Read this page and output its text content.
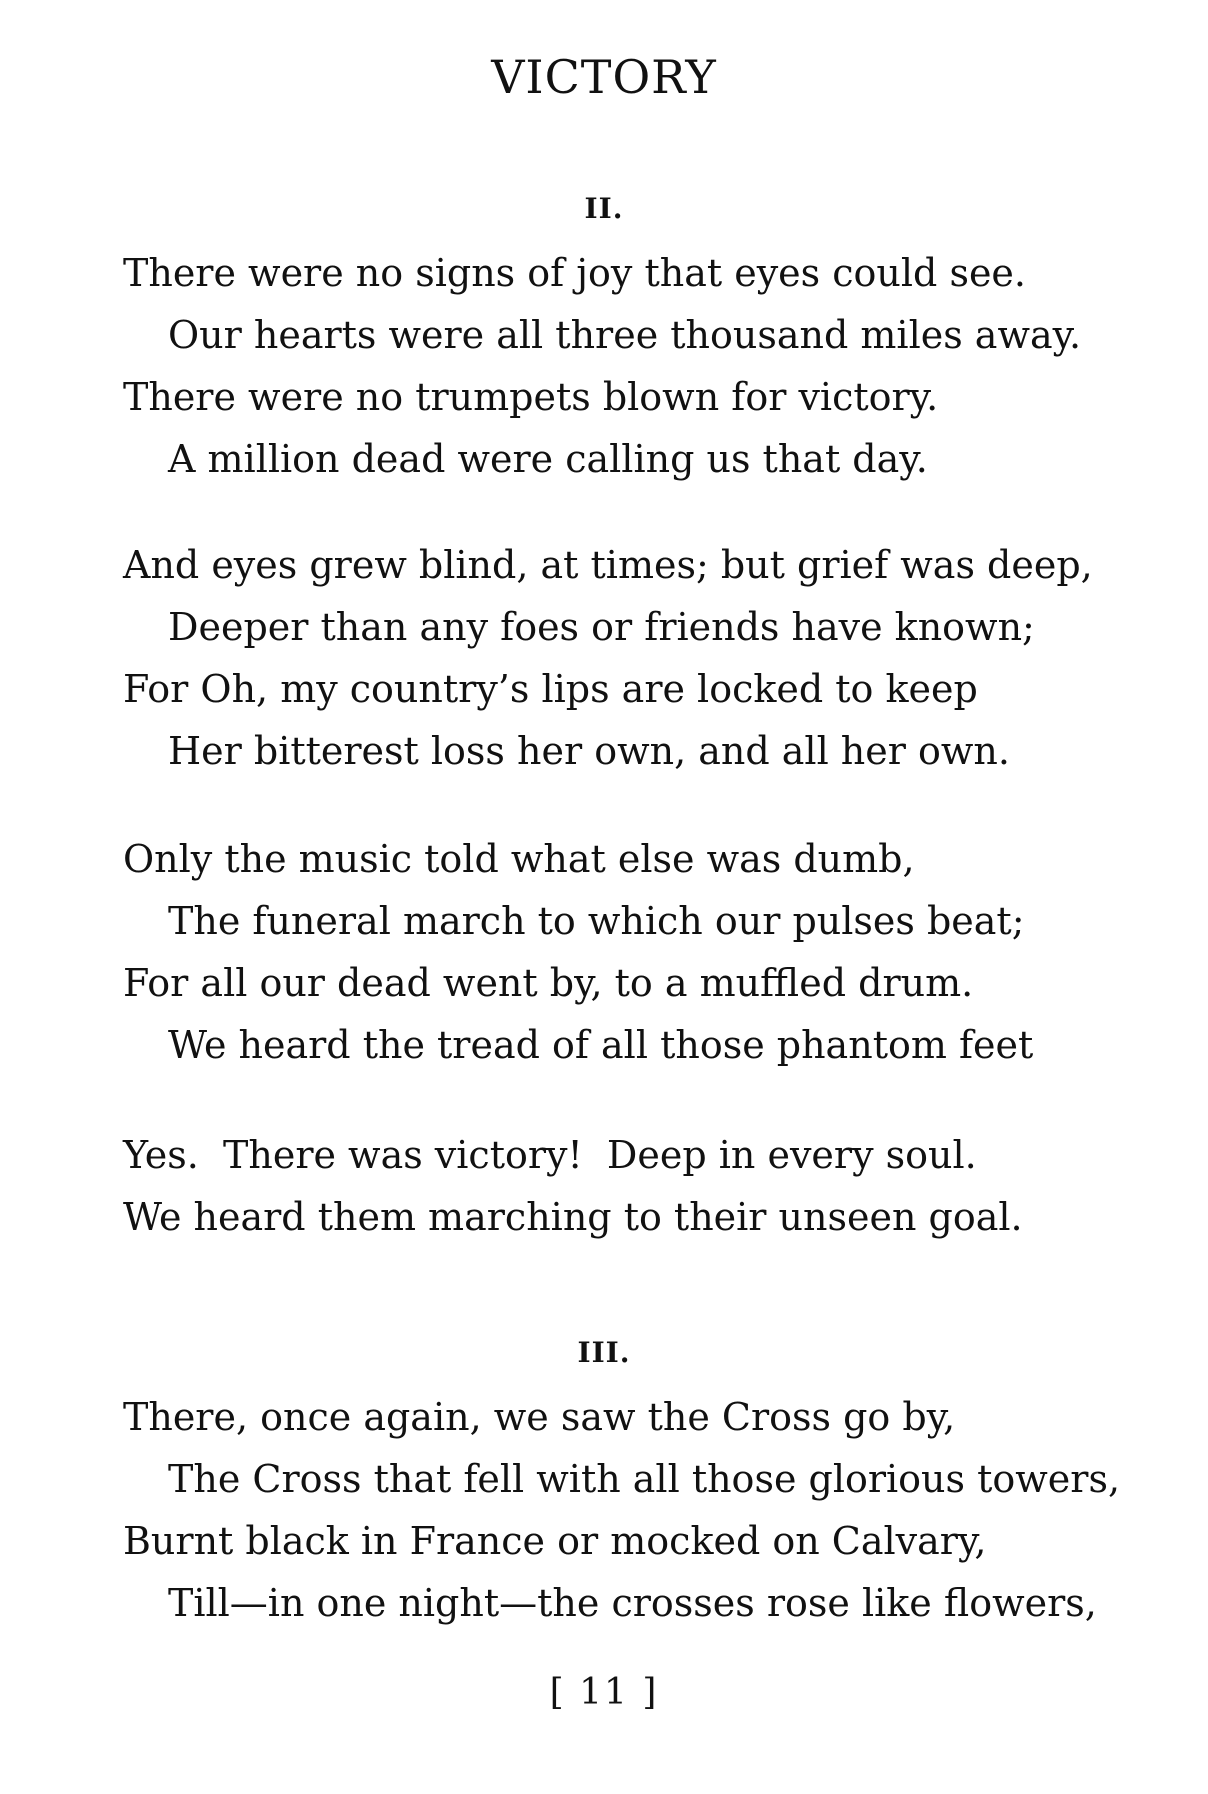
VICTORY
II.
There were no signs of joy that eyes could see.
Our hearts were all three thousand miles away.
There were no trumpets blown for victory.
A million dead were calling us that day.
And eyes grew blind, at times; but grief was deep,
Deeper than any foes or friends have known;
For Oh, my country’s lips are locked to keep
Her bitterest loss her own, and all her own.
Only the music told what else was dumb,
The funeral march to which our pulses beat;
For all our dead went by, to a muffled drum.
We heard the tread of all those phantom feet
Yes.  There was victory!  Deep in every soul.
We heard them marching to their unseen goal.
III.
There, once again, we saw the Cross go by,
The Cross that fell with all those glorious towers,
Burnt black in France or mocked on Calvary,
Till—in one night—the crosses rose like flowers,
[ 11 ]
